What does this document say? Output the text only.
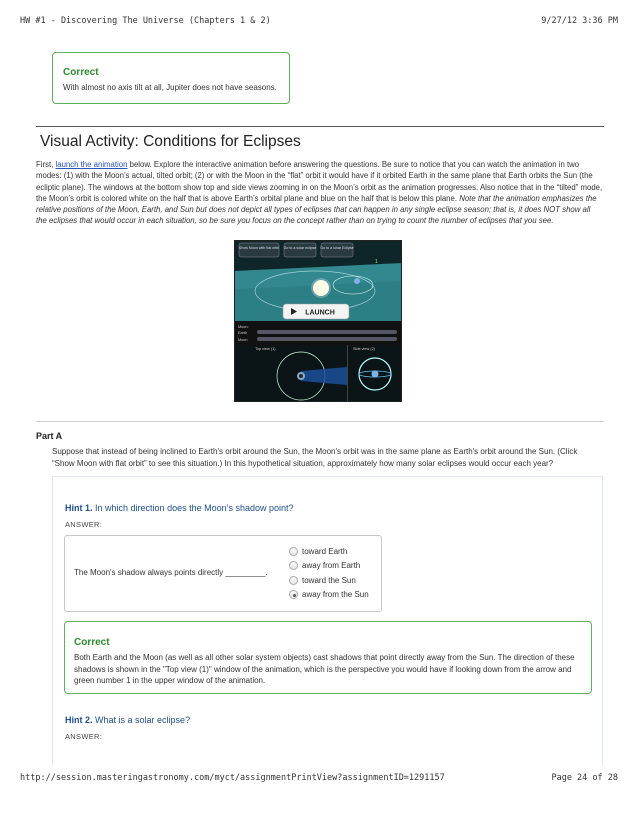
HW #1 - Discovering The Universe (Chapters 1 & 2)	9/27/12 3:36 PM
Correct
With almost no axis tilt at all, Jupiter does not have seasons.
Visual Activity: Conditions for Eclipses
First, launch the animation below. Explore the interactive animation before answering the questions. Be sure to notice that you can watch the animation in two modes: (1) with the Moon’s actual, tilted orbit; (2) or with the Moon in the “flat” orbit it would have if it orbited Earth in the same plane that Earth orbits the Sun (the ecliptic plane). The windows at the bottom show top and side views zooming in on the Moon’s orbit as the animation progresses. Also notice that in the “tilted” mode, the Moon’s orbit is colored white on the half that is above Earth’s orbital plane and blue on the half that is below this plane. Note that the animation emphasizes the relative positions of the Moon, Earth, and Sun but does not depict all types of eclipses that can happen in any single eclipse season; that is, it does NOT show all the eclipses that would occur in each situation, so be sure you focus on the concept rather than on trying to count the number of eclipses that you see.
Show Moon with flat orbit Go to a solar eclipse Go to a lunar Eclipse
1
LAUNCH
Moon:
Earth
Moon
Top view (1)	Side view (2)
Part A
Suppose that instead of being inclined to Earth's orbit around the Sun, the Moon's orbit was in the same plane as Earth's orbit around the Sun. (Click “Show Moon with flat orbit” to see this situation.) In this hypothetical situation, approximately how many solar eclipses would occur each year?
Hint 1. In which direction does the Moon’s shadow point?
ANSWER:
The Moon's shadow always points directly _________.
toward Earth
away from Earth
toward the Sun
away from the Sun
Correct
Both Earth and the Moon (as well as all other solar system objects) cast shadows that point directly away from the Sun. The direction of these shadows is shown in the "Top view (1)" window of the animation, which is the perspective you would have if looking down from the arrow and green number 1 in the upper window of the animation.
Hint 2. What is a solar eclipse?
ANSWER:
http://session.masteringastronomy.com/myct/assignmentPrintView?assignmentID=1291157	Page 24 of 28
